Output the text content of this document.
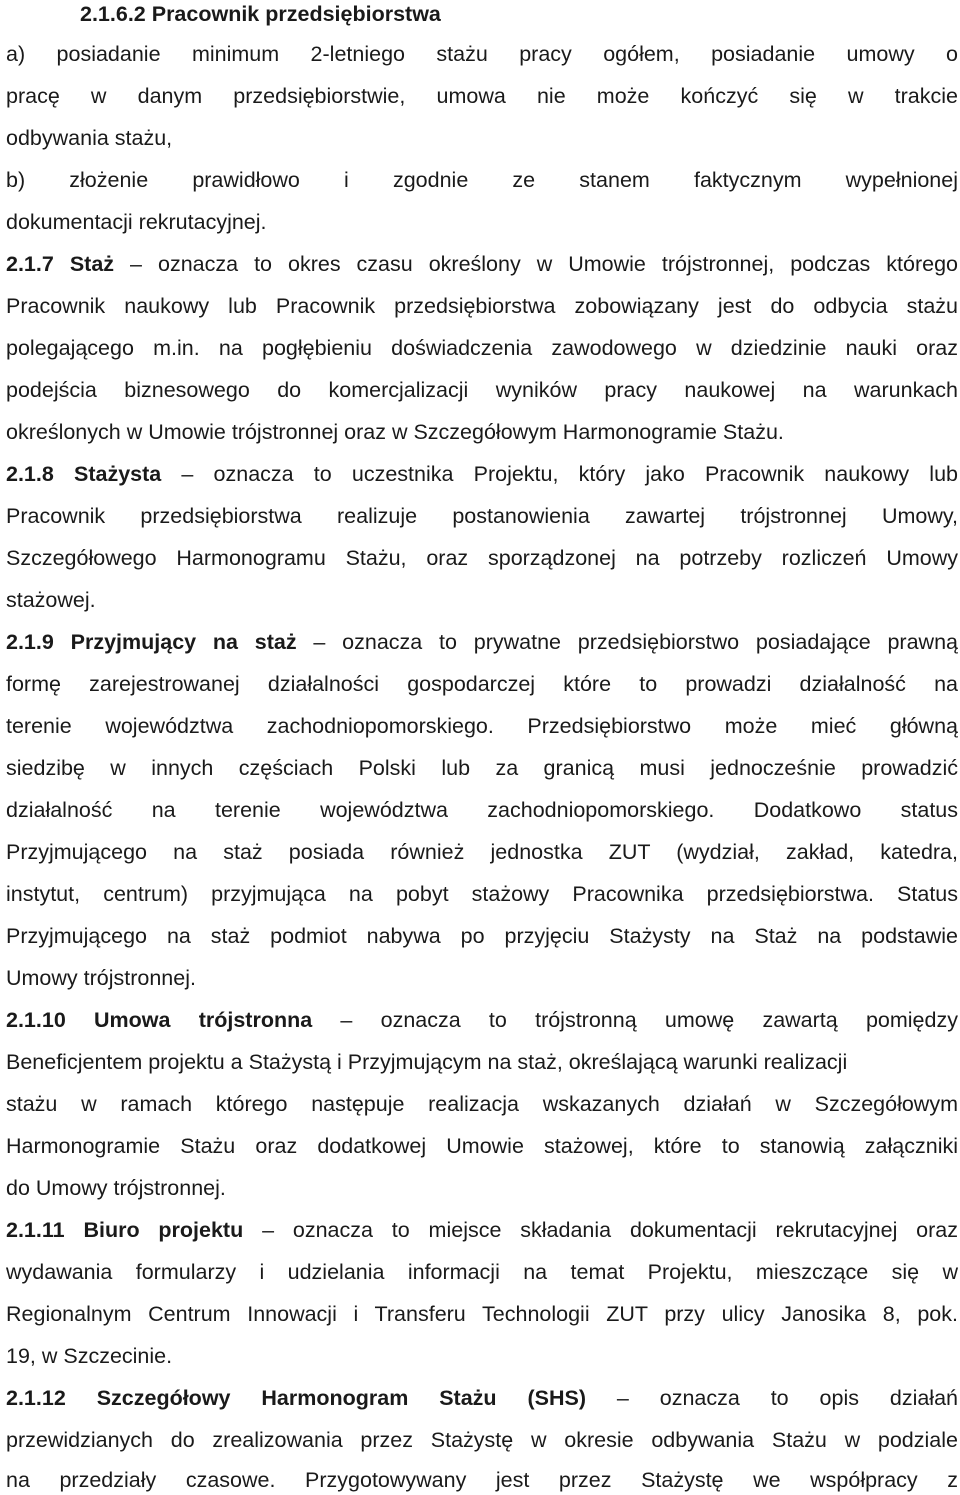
2.1.6.2 Pracownik przedsiębiorstwa
a) posiadanie minimum 2-letniego stażu pracy ogółem, posiadanie umowy o
pracę w danym przedsiębiorstwie, umowa nie może kończyć się w trakcie
odbywania stażu,
b) złożenie prawidłowo i zgodnie ze stanem faktycznym wypełnionej
dokumentacji rekrutacyjnej.
2.1.7 Staż – oznacza to okres czasu określony w Umowie trójstronnej, podczas którego
Pracownik naukowy lub Pracownik przedsiębiorstwa zobowiązany jest do odbycia stażu
polegającego m.in. na pogłębieniu doświadczenia zawodowego w dziedzinie nauki oraz
podejścia biznesowego do komercjalizacji wyników pracy naukowej na warunkach
określonych w Umowie trójstronnej oraz w Szczegółowym Harmonogramie Stażu.
2.1.8 Stażysta – oznacza to uczestnika Projektu, który jako Pracownik naukowy lub
Pracownik przedsiębiorstwa realizuje postanowienia zawartej trójstronnej Umowy,
Szczegółowego Harmonogramu Stażu, oraz sporządzonej na potrzeby rozliczeń Umowy
stażowej.
2.1.9 Przyjmujący na staż – oznacza to prywatne przedsiębiorstwo posiadające prawną
formę zarejestrowanej działalności gospodarczej które to prowadzi działalność na
terenie województwa zachodniopomorskiego. Przedsiębiorstwo może mieć główną
siedzibę w innych częściach Polski lub za granicą musi jednocześnie prowadzić
działalność na terenie województwa zachodniopomorskiego. Dodatkowo status
Przyjmującego na staż posiada również jednostka ZUT (wydział, zakład, katedra,
instytut, centrum) przyjmująca na pobyt stażowy Pracownika przedsiębiorstwa. Status
Przyjmującego na staż podmiot nabywa po przyjęciu Stażysty na Staż na podstawie
Umowy trójstronnej.
2.1.10 Umowa trójstronna – oznacza to trójstronną umowę zawartą pomiędzy
Beneficjentem projektu a Stażystą i Przyjmującym na staż, określającą warunki realizacji
stażu w ramach którego następuje realizacja wskazanych działań w Szczegółowym
Harmonogramie Stażu oraz dodatkowej Umowie stażowej, które to stanowią załączniki
do Umowy trójstronnej.
2.1.11 Biuro projektu – oznacza to miejsce składania dokumentacji rekrutacyjnej oraz
wydawania formularzy i udzielania informacji na temat Projektu, mieszczące się w
Regionalnym Centrum Innowacji i Transferu Technologii ZUT przy ulicy Janosika 8, pok.
19, w Szczecinie.
2.1.12 Szczegółowy Harmonogram Stażu (SHS) – oznacza to opis działań
przewidzianych do zrealizowania przez Stażystę w okresie odbywania Stażu w podziale
na przedziały czasowe. Przygotowywany jest przez Stażystę we współpracy z
